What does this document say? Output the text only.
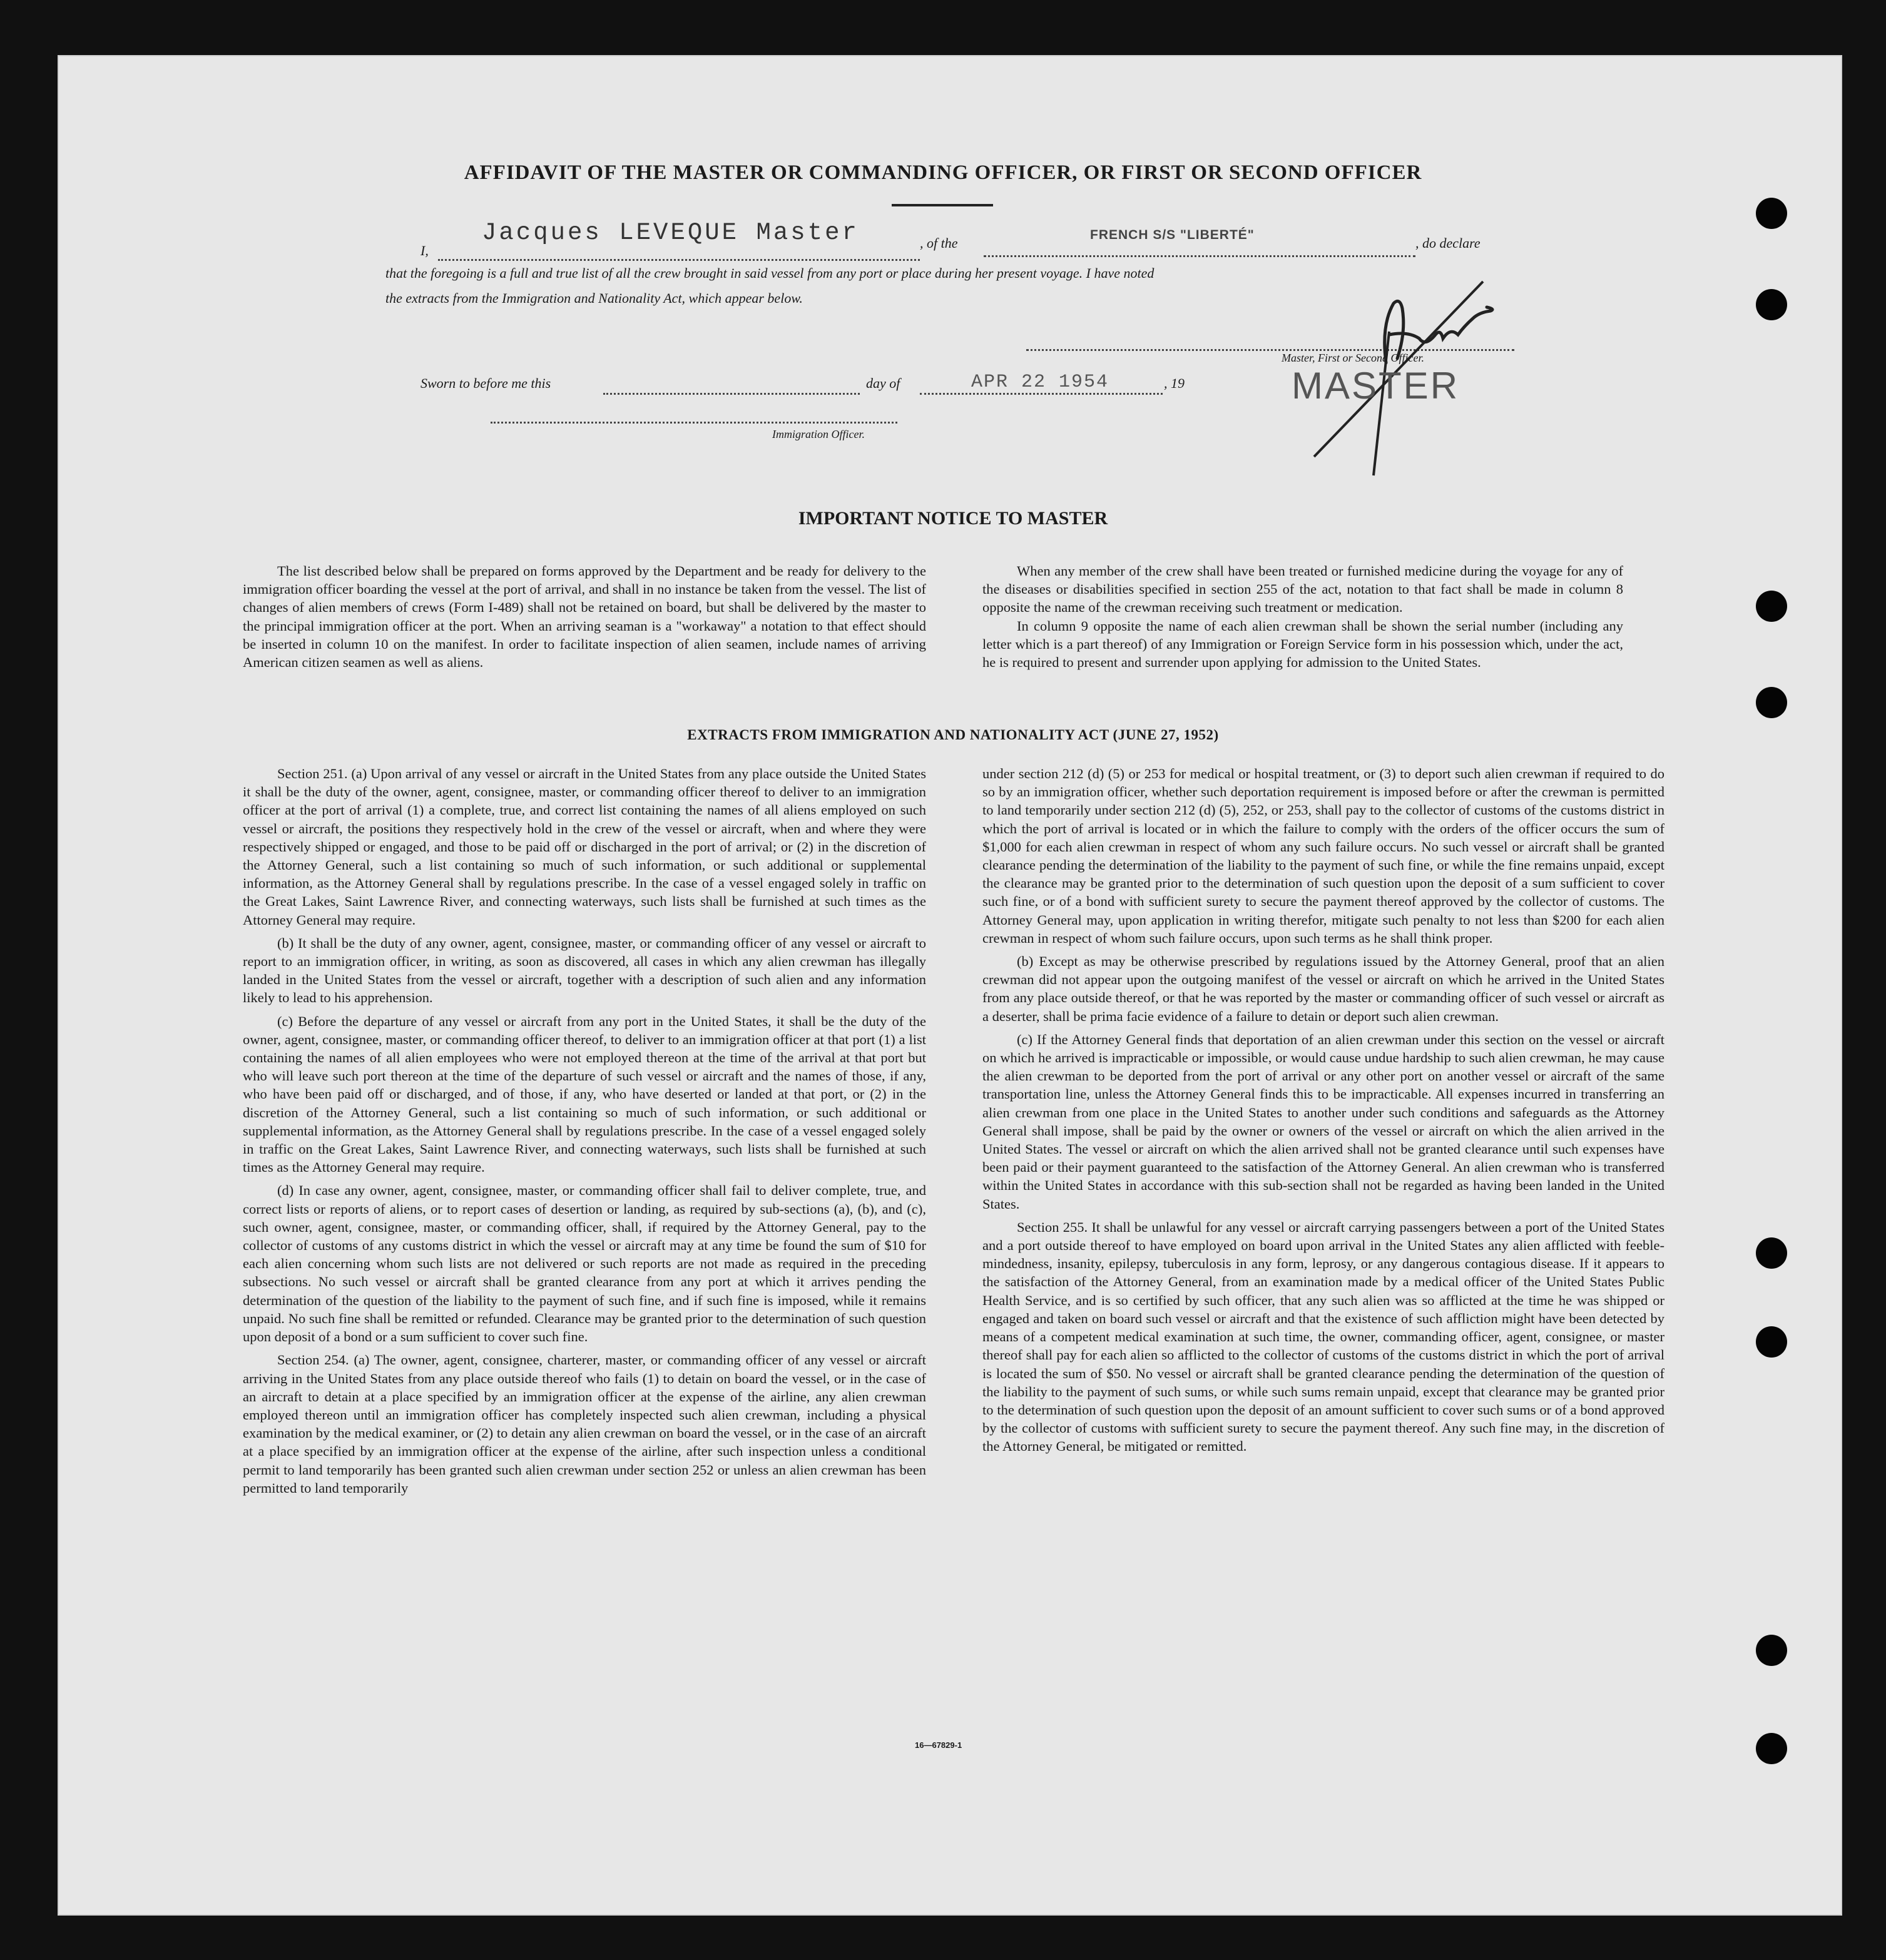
AFFIDAVIT OF THE MASTER OR COMMANDING OFFICER, OR FIRST OR SECOND OFFICER
I,
Jacques LEVEQUE Master	, of the
FRENCH S/S "LIBERTÉ"
, do declare
that the foregoing is a full and true list of all the crew brought in said vessel from any port or place during her present voyage. I have noted
the extracts from the Immigration and Nationality Act, which appear below.
Master, First or Second Officer.
MASTER
Sworn to before me this	day of	APR 22 1954	, 19
Immigration Officer.
IMPORTANT NOTICE TO MASTER

The list described below shall be prepared on forms approved by the Department and be ready for delivery to the immigration officer boarding the vessel at the port of arrival, and shall in no instance be taken from the vessel. The list of changes of alien members of crews (Form I-489) shall not be retained on board, but shall be delivered by the master to the principal immigration officer at the port. When an arriving seaman is a "workaway" a notation to that effect should be inserted in column 10 on the manifest. In order to facilitate inspection of alien seamen, include names of arriving American citizen seamen as well as aliens.

When any member of the crew shall have been treated or furnished medicine during the voyage for any of the diseases or disabilities specified in section 255 of the act, notation to that fact shall be made in column 8 opposite the name of the crewman receiving such treatment or medication.

In column 9 opposite the name of each alien crewman shall be shown the serial number (including any letter which is a part thereof) of any Immigration or Foreign Service form in his possession which, under the act, he is required to present and surrender upon applying for admission to the United States.

EXTRACTS FROM IMMIGRATION AND NATIONALITY ACT (JUNE 27, 1952)

Section 251. (a) Upon arrival of any vessel or aircraft in the United States from any place outside the United States it shall be the duty of the owner, agent, consignee, master, or commanding officer thereof to deliver to an immigration officer at the port of arrival (1) a complete, true, and correct list containing the names of all aliens employed on such vessel or aircraft, the positions they respectively hold in the crew of the vessel or aircraft, when and where they were respectively shipped or engaged, and those to be paid off or discharged in the port of arrival; or (2) in the discretion of the Attorney General, such a list containing so much of such information, or such additional or supplemental information, as the Attorney General shall by regulations prescribe. In the case of a vessel engaged solely in traffic on the Great Lakes, Saint Lawrence River, and connecting waterways, such lists shall be furnished at such times as the Attorney General may require.

(b) It shall be the duty of any owner, agent, consignee, master, or commanding officer of any vessel or aircraft to report to an immigration officer, in writing, as soon as discovered, all cases in which any alien crewman has illegally landed in the United States from the vessel or aircraft, together with a description of such alien and any information likely to lead to his apprehension.

(c) Before the departure of any vessel or aircraft from any port in the United States, it shall be the duty of the owner, agent, consignee, master, or commanding officer thereof, to deliver to an immigration officer at that port (1) a list containing the names of all alien employees who were not employed thereon at the time of the arrival at that port but who will leave such port thereon at the time of the departure of such vessel or aircraft and the names of those, if any, who have been paid off or discharged, and of those, if any, who have deserted or landed at that port, or (2) in the discretion of the Attorney General, such a list containing so much of such information, or such additional or supplemental information, as the Attorney General shall by regulations prescribe. In the case of a vessel engaged solely in traffic on the Great Lakes, Saint Lawrence River, and connecting waterways, such lists shall be furnished at such times as the Attorney General may require.

(d) In case any owner, agent, consignee, master, or commanding officer shall fail to deliver complete, true, and correct lists or reports of aliens, or to report cases of desertion or landing, as required by sub-sections (a), (b), and (c), such owner, agent, consignee, master, or commanding officer, shall, if required by the Attorney General, pay to the collector of customs of any customs district in which the vessel or aircraft may at any time be found the sum of $10 for each alien concerning whom such lists are not delivered or such reports are not made as required in the preceding subsections. No such vessel or aircraft shall be granted clearance from any port at which it arrives pending the determination of the question of the liability to the payment of such fine, and if such fine is imposed, while it remains unpaid. No such fine shall be remitted or refunded. Clearance may be granted prior to the determination of such question upon deposit of a bond or a sum sufficient to cover such fine.

Section 254. (a) The owner, agent, consignee, charterer, master, or commanding officer of any vessel or aircraft arriving in the United States from any place outside thereof who fails (1) to detain on board the vessel, or in the case of an aircraft to detain at a place specified by an immigration officer at the expense of the airline, any alien crewman employed thereon until an immigration officer has completely inspected such alien crewman, including a physical examination by the medical examiner, or (2) to detain any alien crewman on board the vessel, or in the case of an aircraft at a place specified by an immigration officer at the expense of the airline, after such inspection unless a conditional permit to land temporarily has been granted such alien crewman under section 252 or unless an alien crewman has been permitted to land temporarily

under section 212 (d) (5) or 253 for medical or hospital treatment, or (3) to deport such alien crewman if required to do so by an immigration officer, whether such deportation requirement is imposed before or after the crewman is permitted to land temporarily under section 212 (d) (5), 252, or 253, shall pay to the collector of customs of the customs district in which the port of arrival is located or in which the failure to comply with the orders of the officer occurs the sum of $1,000 for each alien crewman in respect of whom any such failure occurs. No such vessel or aircraft shall be granted clearance pending the determination of the liability to the payment of such fine, or while the fine remains unpaid, except the clearance may be granted prior to the determination of such question upon the deposit of a sum sufficient to cover such fine, or of a bond with sufficient surety to secure the payment thereof approved by the collector of customs. The Attorney General may, upon application in writing therefor, mitigate such penalty to not less than $200 for each alien crewman in respect of whom such failure occurs, upon such terms as he shall think proper.

(b) Except as may be otherwise prescribed by regulations issued by the Attorney General, proof that an alien crewman did not appear upon the outgoing manifest of the vessel or aircraft on which he arrived in the United States from any place outside thereof, or that he was reported by the master or commanding officer of such vessel or aircraft as a deserter, shall be prima facie evidence of a failure to detain or deport such alien crewman.

(c) If the Attorney General finds that deportation of an alien crewman under this section on the vessel or aircraft on which he arrived is impracticable or impossible, or would cause undue hardship to such alien crewman, he may cause the alien crewman to be deported from the port of arrival or any other port on another vessel or aircraft of the same transportation line, unless the Attorney General finds this to be impracticable. All expenses incurred in transferring an alien crewman from one place in the United States to another under such conditions and safeguards as the Attorney General shall impose, shall be paid by the owner or owners of the vessel or aircraft on which the alien arrived in the United States. The vessel or aircraft on which the alien arrived shall not be granted clearance until such expenses have been paid or their payment guaranteed to the satisfaction of the Attorney General. An alien crewman who is transferred within the United States in accordance with this sub-section shall not be regarded as having been landed in the United States.

Section 255. It shall be unlawful for any vessel or aircraft carrying passengers between a port of the United States and a port outside thereof to have employed on board upon arrival in the United States any alien afflicted with feeble-mindedness, insanity, epilepsy, tuberculosis in any form, leprosy, or any dangerous contagious disease. If it appears to the satisfaction of the Attorney General, from an examination made by a medical officer of the United States Public Health Service, and is so certified by such officer, that any such alien was so afflicted at the time he was shipped or engaged and taken on board such vessel or aircraft and that the existence of such affliction might have been detected by means of a competent medical examination at such time, the owner, commanding officer, agent, consignee, or master thereof shall pay for each alien so afflicted to the collector of customs of the customs district in which the port of arrival is located the sum of $50. No vessel or aircraft shall be granted clearance pending the determination of the question of the liability to the payment of such sums, or while such sums remain unpaid, except that clearance may be granted prior to the determination of such question upon the deposit of an amount sufficient to cover such sums or of a bond approved by the collector of customs with sufficient surety to secure the payment thereof. Any such fine may, in the discretion of the Attorney General, be mitigated or remitted.

16—67829-1
